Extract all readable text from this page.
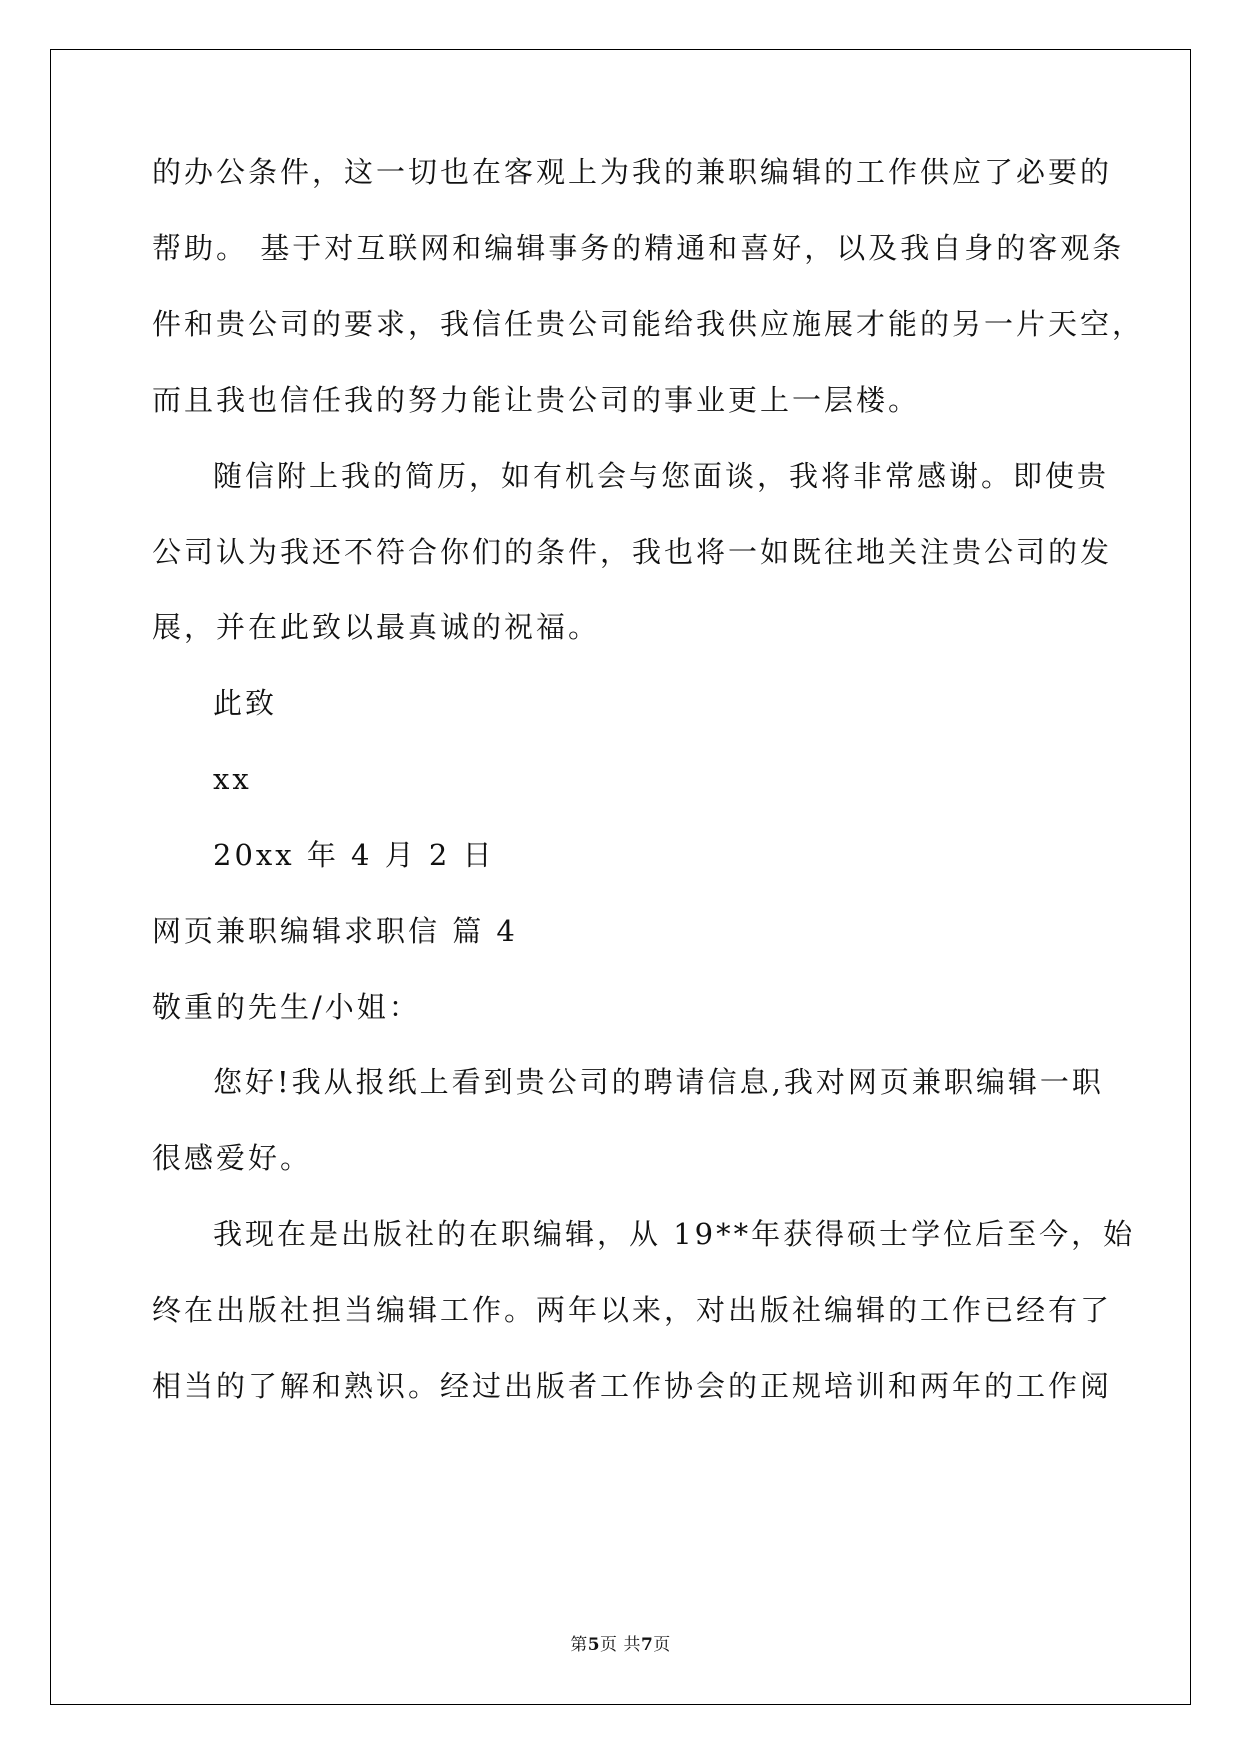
的办公条件，这一切也在客观上为我的兼职编辑的工作供应了必要的
帮助。 基于对互联网和编辑事务的精通和喜好，以及我自身的客观条
件和贵公司的要求，我信任贵公司能给我供应施展才能的另一片天空，
而且我也信任我的努力能让贵公司的事业更上一层楼。
随信附上我的简历，如有机会与您面谈，我将非常感谢。即使贵
公司认为我还不符合你们的条件，我也将一如既往地关注贵公司的发
展，并在此致以最真诚的祝福。
此致
xx
20xx 年 4 月 2 日
网页兼职编辑求职信 篇 4
敬重的先生/小姐：
您好!我从报纸上看到贵公司的聘请信息,我对网页兼职编辑一职
很感爱好。
我现在是出版社的在职编辑，从 19**年获得硕士学位后至今，始
终在出版社担当编辑工作。两年以来，对出版社编辑的工作已经有了
相当的了解和熟识。经过出版者工作协会的正规培训和两年的工作阅
第5页 共7页
